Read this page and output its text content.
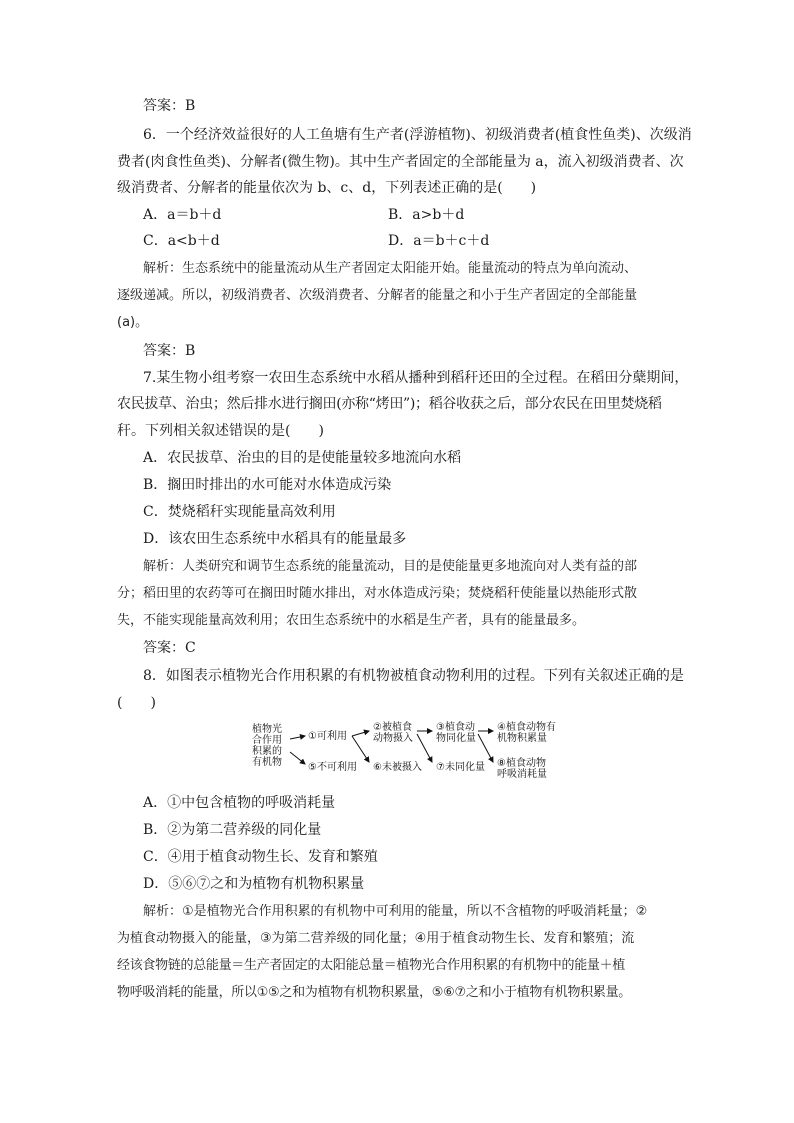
答案：B
6．一个经济效益很好的人工鱼塘有生产者(浮游植物)、初级消费者(植食性鱼类)、次级消
费者(肉食性鱼类)、分解者(微生物)。其中生产者固定的全部能量为 a，流入初级消费者、次
级消费者、分解者的能量依次为 b、c、d，下列表述正确的是(　　)
A．a＝b＋d	B．a>b＋d
C．a<b＋d	D．a＝b＋c＋d
解析：生态系统中的能量流动从生产者固定太阳能开始。能量流动的特点为单向流动、
逐级递减。所以，初级消费者、次级消费者、分解者的能量之和小于生产者固定的全部能量
(a)。
答案：B
7.某生物小组考察一农田生态系统中水稻从播种到稻秆还田的全过程。在稻田分蘖期间，
农民拔草、治虫；然后排水进行搁田(亦称“烤田”)；稻谷收获之后，部分农民在田里焚烧稻
秆。下列相关叙述错误的是(　　)
A．农民拔草、治虫的目的是使能量较多地流向水稻
B．搁田时排出的水可能对水体造成污染
C．焚烧稻秆实现能量高效利用
D．该农田生态系统中水稻具有的能量最多
解析：人类研究和调节生态系统的能量流动，目的是使能量更多地流向对人类有益的部
分；稻田里的农药等可在搁田时随水排出，对水体造成污染；焚烧稻秆使能量以热能形式散
失，不能实现能量高效利用；农田生态系统中的水稻是生产者，具有的能量最多。
答案：C
8．如图表示植物光合作用积累的有机物被植食动物利用的过程。下列有关叙述正确的是
(　　)
植物光
合作用
积累的
有机物
①可利用
⑤不可利用
②被植食
动物摄入
⑥未被摄入
③植食动
物同化量
⑦未同化量
④植食动物有
机物积累量
⑧植食动物
呼吸消耗量
A．①中包含植物的呼吸消耗量
B．②为第二营养级的同化量
C．④用于植食动物生长、发育和繁殖
D．⑤⑥⑦之和为植物有机物积累量
解析：①是植物光合作用积累的有机物中可利用的能量，所以不含植物的呼吸消耗量；②
为植食动物摄入的能量，③为第二营养级的同化量；④用于植食动物生长、发育和繁殖；流
经该食物链的总能量＝生产者固定的太阳能总量＝植物光合作用积累的有机物中的能量＋植
物呼吸消耗的能量，所以①⑤之和为植物有机物积累量，⑤⑥⑦之和小于植物有机物积累量。
